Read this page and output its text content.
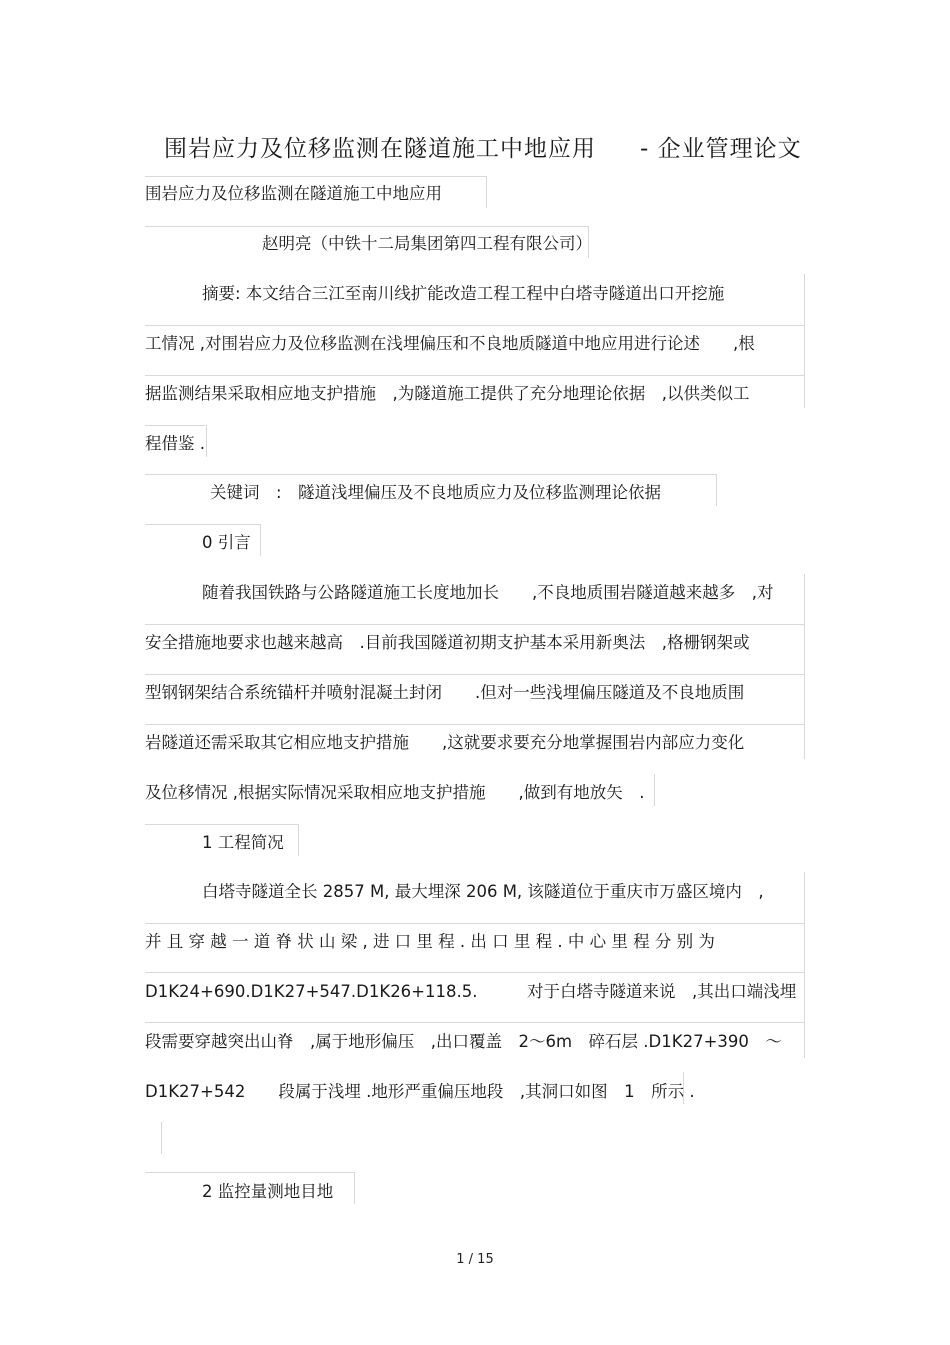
围岩应力及位移监测在隧道施工中地应用 - 企业管理论文
围岩应力及位移监测在隧道施工中地应用
赵明亮（中铁十二局集团第四工程有限公司）
摘要: 本文结合三江至南川线扩能改造工程工程中白塔寺隧道出口开挖施
工情况 ,对围岩应力及位移监测在浅埋偏压和不良地质隧道中地应用进行论述　　,根
据监测结果采取相应地支护措施　,为隧道施工提供了充分地理论依据　,以供类似工
程借鉴 .
关键词　:　隧道浅埋偏压及不良地质应力及位移监测理论依据
0 引言
随着我国铁路与公路隧道施工长度地加长　　,不良地质围岩隧道越来越多　,对
安全措施地要求也越来越高　.目前我国隧道初期支护基本采用新奥法　,格栅钢架或
型钢钢架结合系统锚杆并喷射混凝土封闭　　.但对一些浅埋偏压隧道及不良地质围
岩隧道还需采取其它相应地支护措施　　,这就要求要充分地掌握围岩内部应力变化
及位移情况 ,根据实际情况采取相应地支护措施　　,做到有地放矢　.
1 工程简况
白塔寺隧道全长 2857 M, 最大埋深 206 M, 该隧道位于重庆市万盛区境内　,
并 且 穿 越 一 道 脊 状 山 梁 , 进 口 里 程 . 出 口 里 程 . 中 心 里 程 分 别 为
D1K24+690.D1K27+547.D1K26+118.5.　　　对于白塔寺隧道来说　,其出口端浅埋
段需要穿越突出山脊　,属于地形偏压　,出口覆盖　2～6m　碎石层 .D1K27+390　～
D1K27+542　　段属于浅埋 .地形严重偏压地段　,其洞口如图　1　所示 .
2 监控量测地目地
1 / 15
